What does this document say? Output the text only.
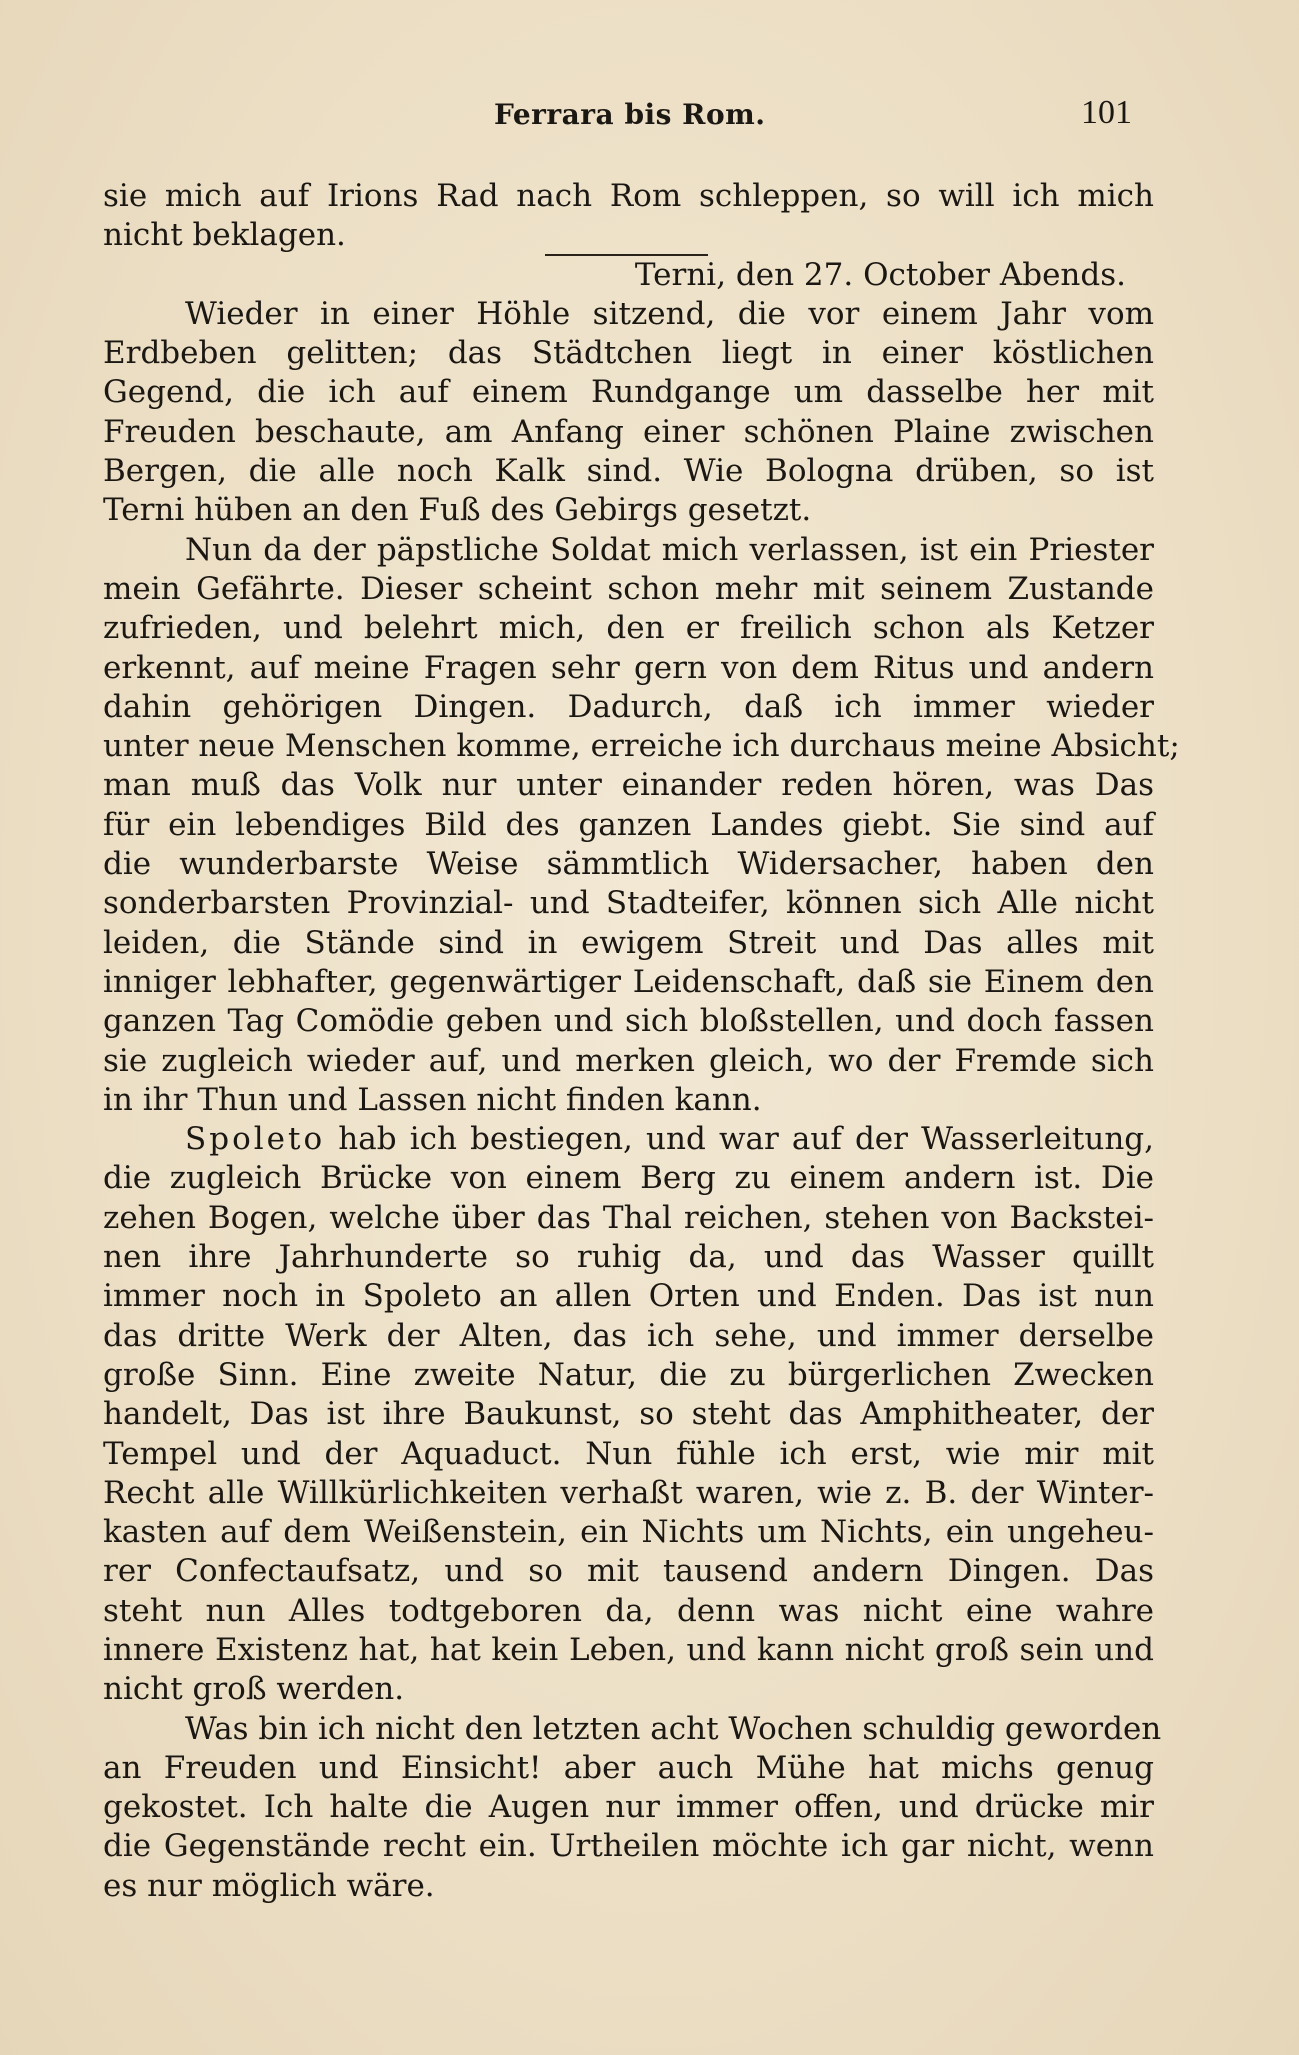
Ferrara bis Rom.	101
sie mich auf Irions Rad nach Rom schleppen, so will ich mich
nicht beklagen.
Terni, den 27. October Abends.
Wieder in einer Höhle sitzend, die vor einem Jahr vom
Erdbeben gelitten; das Städtchen liegt in einer köstlichen
Gegend, die ich auf einem Rundgange um dasselbe her mit
Freuden beschaute, am Anfang einer schönen Plaine zwischen
Bergen, die alle noch Kalk sind. Wie Bologna drüben, so ist
Terni hüben an den Fuß des Gebirgs gesetzt.
Nun da der päpstliche Soldat mich verlassen, ist ein Priester
mein Gefährte. Dieser scheint schon mehr mit seinem Zustande
zufrieden, und belehrt mich, den er freilich schon als Ketzer
erkennt, auf meine Fragen sehr gern von dem Ritus und andern
dahin gehörigen Dingen. Dadurch, daß ich immer wieder
unter neue Menschen komme, erreiche ich durchaus meine Absicht;
man muß das Volk nur unter einander reden hören, was Das
für ein lebendiges Bild des ganzen Landes giebt. Sie sind auf
die wunderbarste Weise sämmtlich Widersacher, haben den
sonderbarsten Provinzial- und Stadteifer, können sich Alle nicht
leiden, die Stände sind in ewigem Streit und Das alles mit
inniger lebhafter, gegenwärtiger Leidenschaft, daß sie Einem den
ganzen Tag Comödie geben und sich bloßstellen, und doch fassen
sie zugleich wieder auf, und merken gleich, wo der Fremde sich
in ihr Thun und Lassen nicht finden kann.
Spoleto hab ich bestiegen, und war auf der Wasserleitung,
die zugleich Brücke von einem Berg zu einem andern ist. Die
zehen Bogen, welche über das Thal reichen, stehen von Backstei-
nen ihre Jahrhunderte so ruhig da, und das Wasser quillt
immer noch in Spoleto an allen Orten und Enden. Das ist nun
das dritte Werk der Alten, das ich sehe, und immer derselbe
große Sinn. Eine zweite Natur, die zu bürgerlichen Zwecken
handelt, Das ist ihre Baukunst, so steht das Amphitheater, der
Tempel und der Aquaduct. Nun fühle ich erst, wie mir mit
Recht alle Willkürlichkeiten verhaßt waren, wie z. B. der Winter-
kasten auf dem Weißenstein, ein Nichts um Nichts, ein ungeheu-
rer Confectaufsatz, und so mit tausend andern Dingen. Das
steht nun Alles todtgeboren da, denn was nicht eine wahre
innere Existenz hat, hat kein Leben, und kann nicht groß sein und
nicht groß werden.
Was bin ich nicht den letzten acht Wochen schuldig geworden
an Freuden und Einsicht! aber auch Mühe hat michs genug
gekostet. Ich halte die Augen nur immer offen, und drücke mir
die Gegenstände recht ein. Urtheilen möchte ich gar nicht, wenn
es nur möglich wäre.
